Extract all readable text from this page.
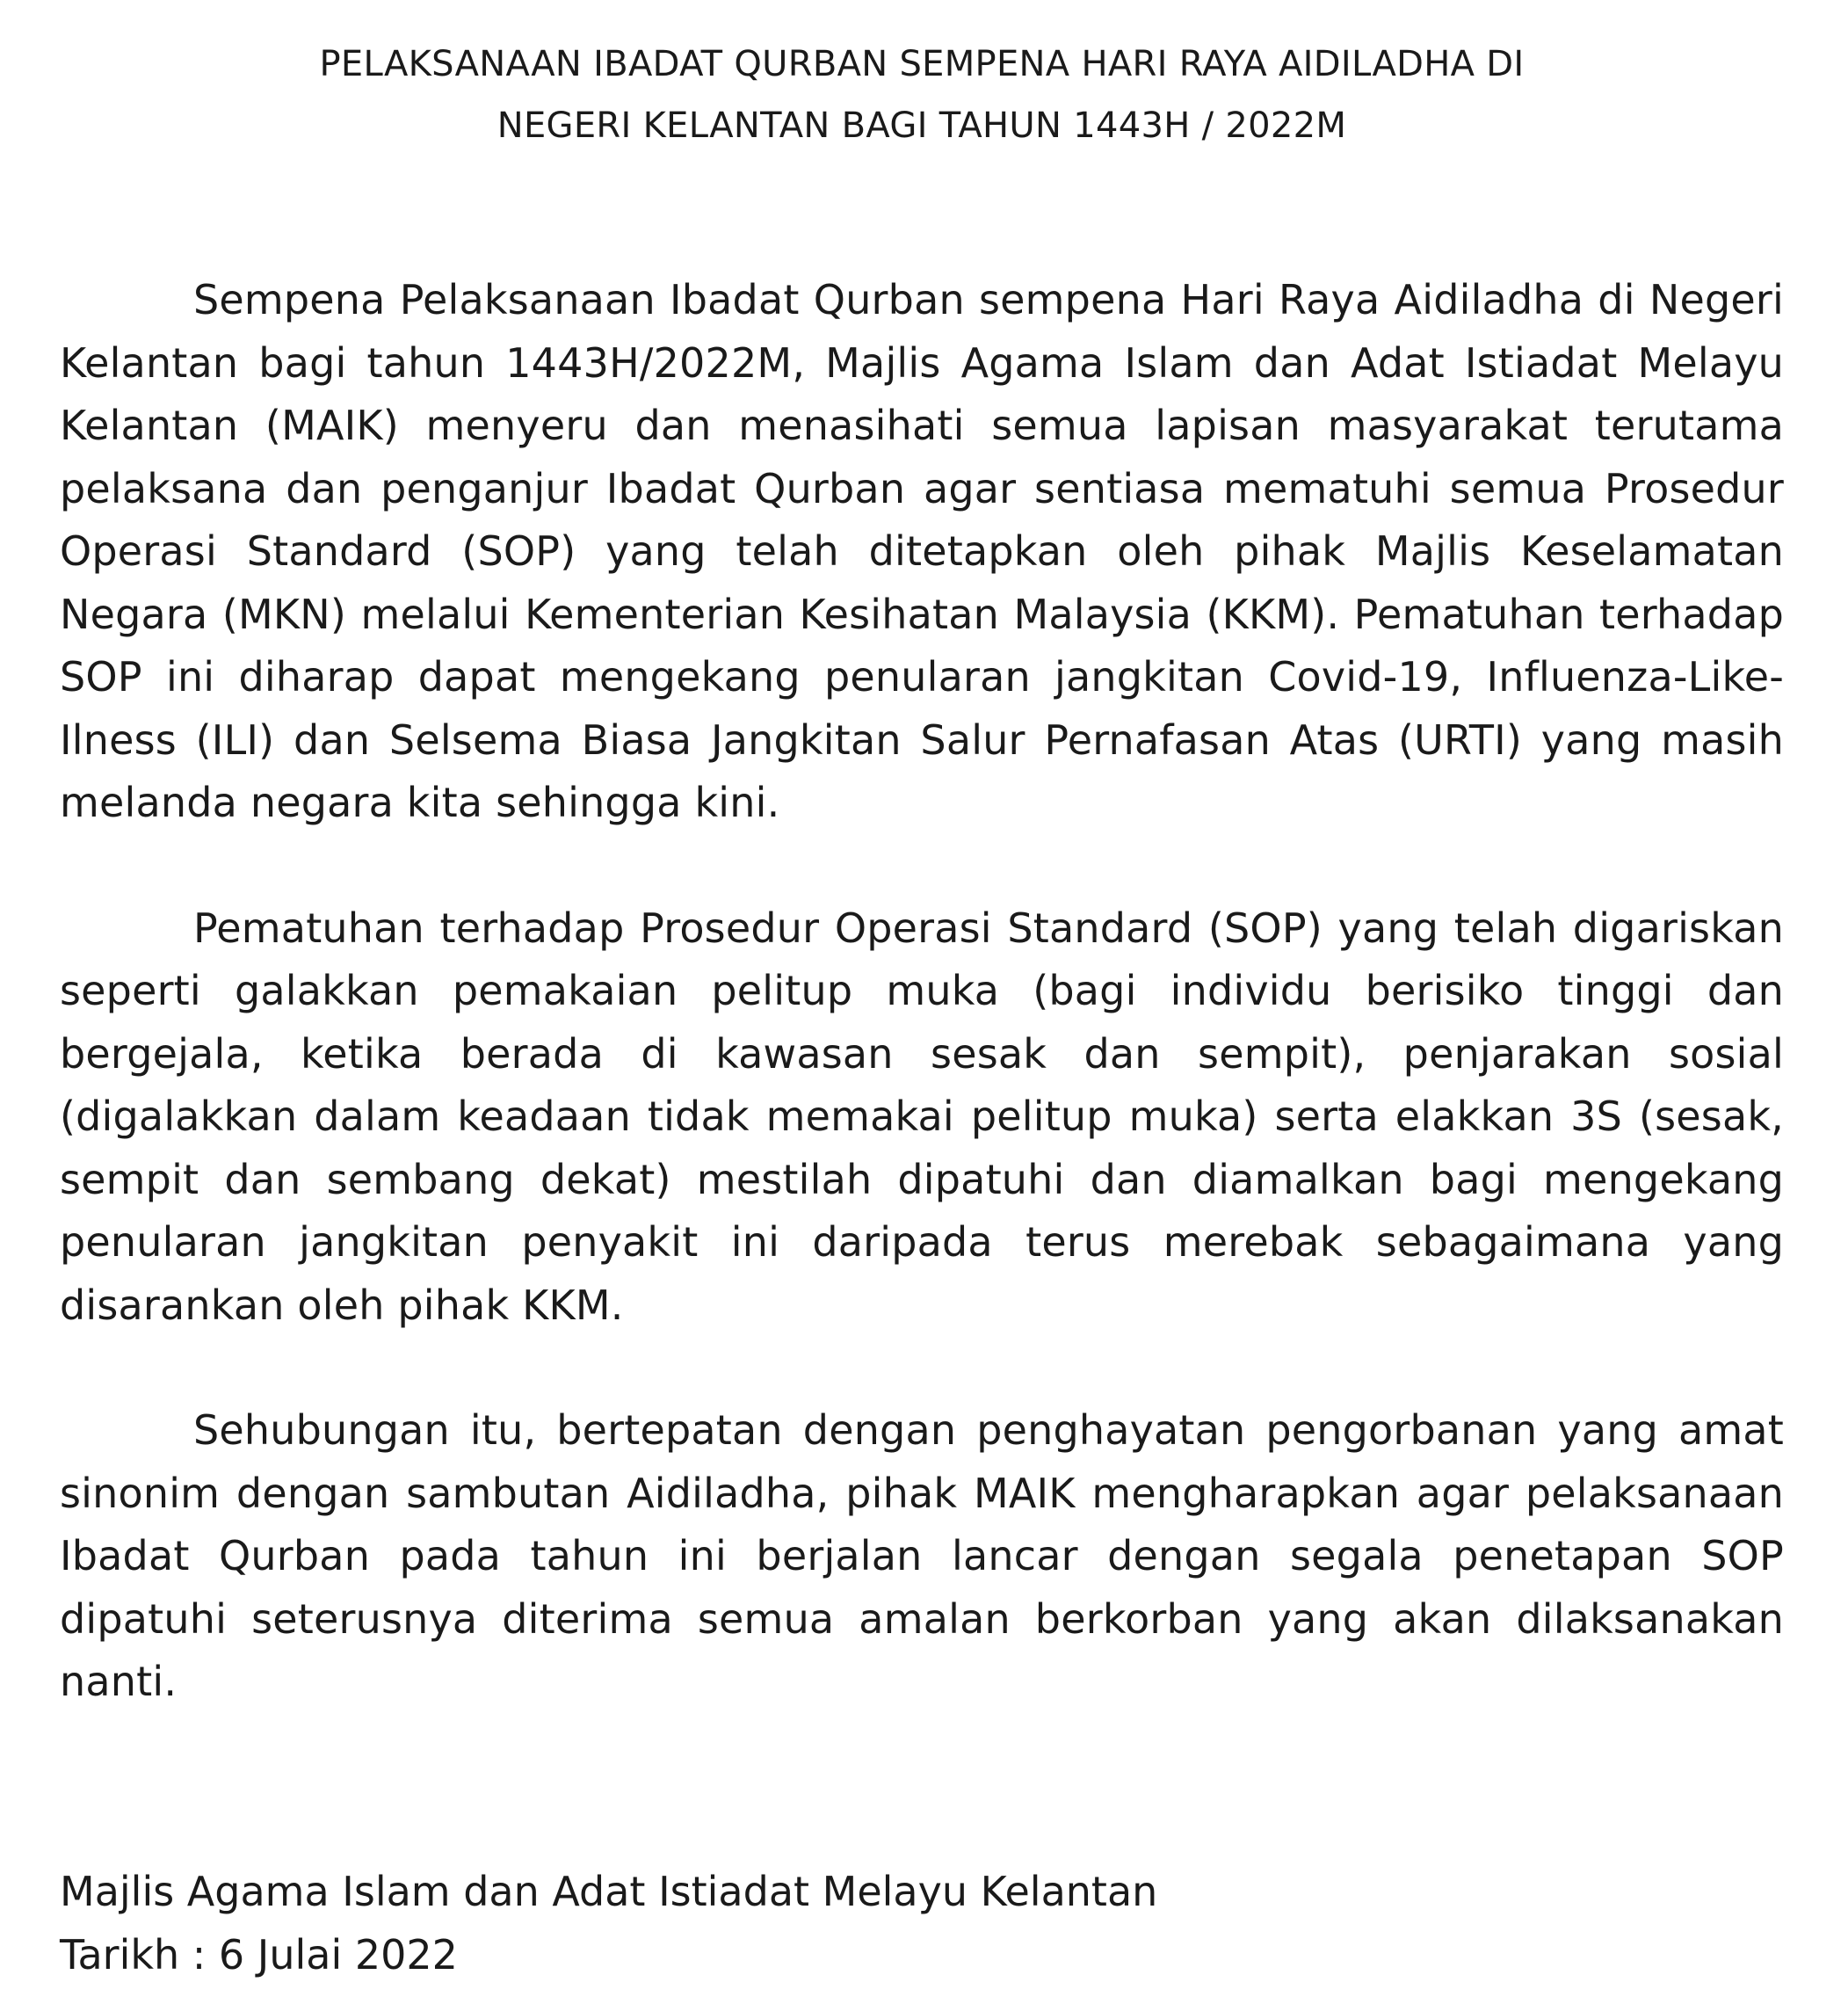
PELAKSANAAN IBADAT QURBAN SEMPENA HARI RAYA AIDILADHA DI
NEGERI KELANTAN BAGI TAHUN 1443H / 2022M

Sempena Pelaksanaan Ibadat Qurban sempena Hari Raya Aidiladha di Negeri Kelantan bagi tahun 1443H/2022M, Majlis Agama Islam dan Adat Istiadat Melayu Kelantan (MAIK) menyeru dan menasihati semua lapisan masyarakat terutama pelaksana dan penganjur Ibadat Qurban agar sentiasa mematuhi semua Prosedur Operasi Standard (SOP) yang telah ditetapkan oleh pihak Majlis Keselamatan Negara (MKN) melalui Kementerian Kesihatan Malaysia (KKM). Pematuhan terhadap SOP ini diharap dapat mengekang penularan jangkitan Covid-19, Influenza-Like-Ilness (ILI) dan Selsema Biasa Jangkitan Salur Pernafasan Atas (URTI) yang masih melanda negara kita sehingga kini.

Pematuhan terhadap Prosedur Operasi Standard (SOP) yang telah digariskan seperti galakkan pemakaian pelitup muka (bagi individu berisiko tinggi dan bergejala, ketika berada di kawasan sesak dan sempit), penjarakan sosial (digalakkan dalam keadaan tidak memakai pelitup muka) serta elakkan 3S (sesak, sempit dan sembang dekat) mestilah dipatuhi dan diamalkan bagi mengekang penularan jangkitan penyakit ini daripada terus merebak sebagaimana yang disarankan oleh pihak KKM.

Sehubungan itu, bertepatan dengan penghayatan pengorbanan yang amat sinonim dengan sambutan Aidiladha, pihak MAIK mengharapkan agar pelaksanaan Ibadat Qurban pada tahun ini berjalan lancar dengan segala penetapan SOP dipatuhi seterusnya diterima semua amalan berkorban yang akan dilaksanakan nanti.

Majlis Agama Islam dan Adat Istiadat Melayu Kelantan
Tarikh : 6 Julai 2022
